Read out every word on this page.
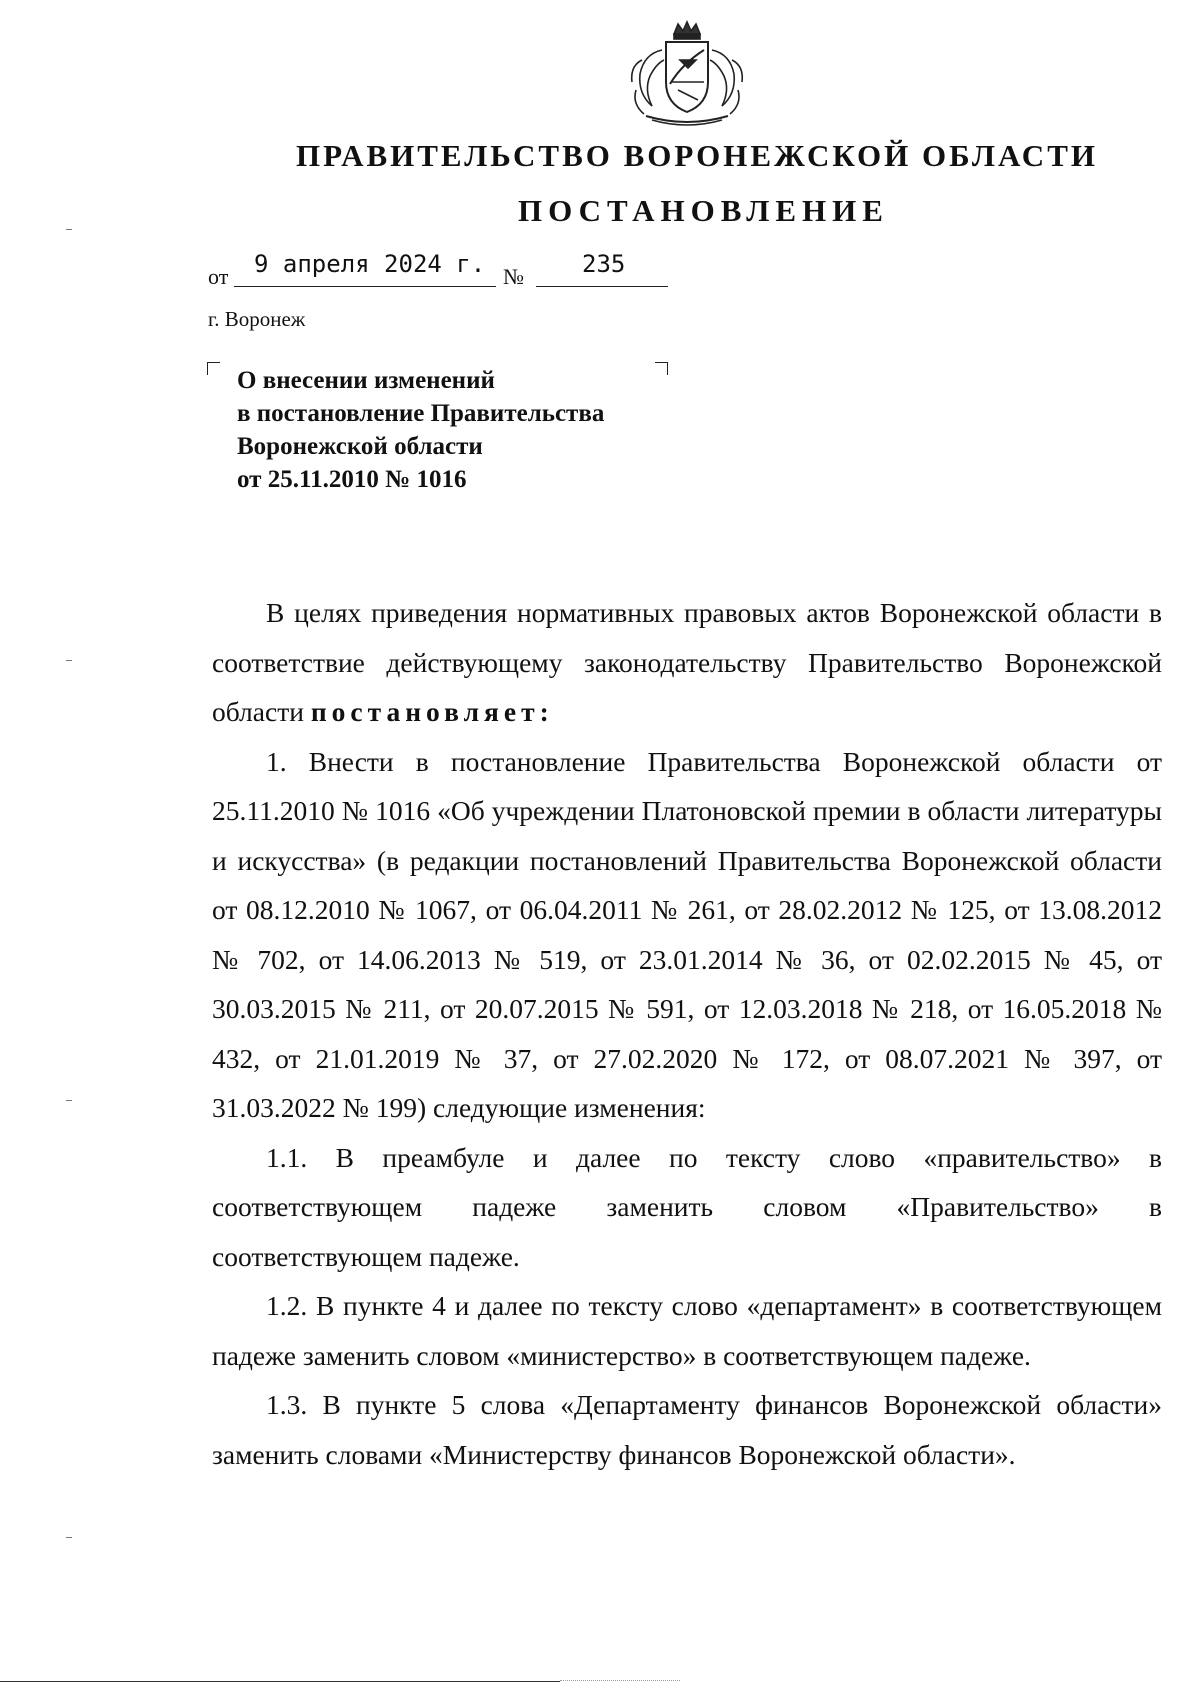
ПРАВИТЕЛЬСТВО ВОРОНЕЖСКОЙ ОБЛАСТИ
ПОСТАНОВЛЕНИЕ
от 9 апреля 2024 г. № 235
г. Воронеж
О внесении изменений
в постановление Правительства
Воронежской области
от 25.11.2010 № 1016

В целях приведения нормативных правовых актов Воронежской области в соответствие действующему законодательству Правительство Воронежской области постановляет:

1. Внести в постановление Правительства Воронежской области от 25.11.2010 № 1016 «Об учреждении Платоновской премии в области литературы и искусства» (в редакции постановлений Правительства Воронежской области от 08.12.2010 № 1067, от 06.04.2011 № 261, от 28.02.2012 № 125, от 13.08.2012 № 702, от 14.06.2013 № 519, от 23.01.2014 № 36, от 02.02.2015 № 45, от 30.03.2015 № 211, от 20.07.2015 № 591, от 12.03.2018 № 218, от 16.05.2018 № 432, от 21.01.2019 № 37, от 27.02.2020 № 172, от 08.07.2021 № 397, от 31.03.2022 № 199) следующие изменения:

1.1. В преамбуле и далее по тексту слово «правительство» в соответствующем падеже заменить словом «Правительство» в соответствующем падеже.

1.2. В пункте 4 и далее по тексту слово «департамент» в соответствующем падеже заменить словом «министерство» в соответствующем падеже.

1.3. В пункте 5 слова «Департаменту финансов Воронежской области» заменить словами «Министерству финансов Воронежской области».
